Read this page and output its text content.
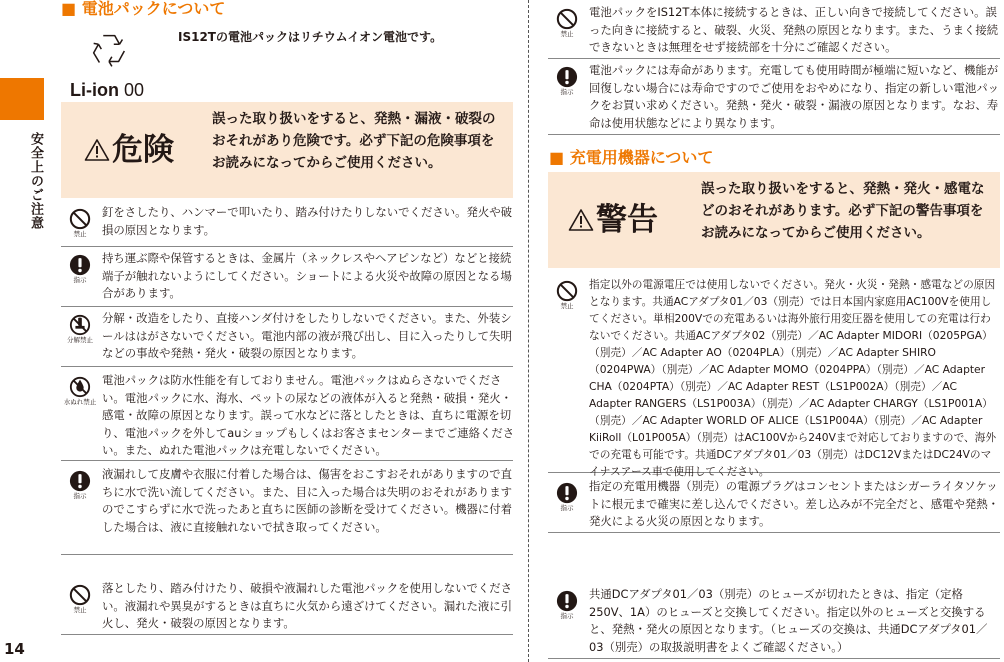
安全上のご注意
14
■ 電池パックについて
IS12Tの電池パックはリチウムイオン電池です。
Li-ion 00
危険
誤った取り扱いをすると、発熱・漏液・破裂のおそれがあり危険です。必ず下記の危険事項をお読みになってからご使用ください。
禁止
釘をさしたり、ハンマーで叩いたり、踏み付けたりしないでください。発火や破損の原因となります。
指示
持ち運ぶ際や保管するときは、金属片（ネックレスやヘアピンなど）などと接続端子が触れないようにしてください。ショートによる火災や故障の原因となる場合があります。
分解禁止
分解・改造をしたり、直接ハンダ付けをしたりしないでください。また、外装シールははがさないでください。電池内部の液が飛び出し、目に入ったりして失明などの事故や発熱・発火・破裂の原因となります。
水ぬれ禁止
電池パックは防水性能を有しておりません。電池パックはぬらさないでください。電池パックに水、海水、ペットの尿などの液体が入ると発熱・破損・発火・感電・故障の原因となります。誤って水などに落としたときは、直ちに電源を切り、電池パックを外してauショップもしくはお客さまセンターまでご連絡ください。また、ぬれた電池パックは充電しないでください。
指示
液漏れして皮膚や衣服に付着した場合は、傷害をおこすおそれがありますので直ちに水で洗い流してください。また、目に入った場合は失明のおそれがありますのでこすらずに水で洗ったあと直ちに医師の診断を受けてください。機器に付着した場合は、液に直接触れないで拭き取ってください。
禁止
落としたり、踏み付けたり、破損や液漏れした電池パックを使用しないでください。液漏れや異臭がするときは直ちに火気から遠ざけてください。漏れた液に引火し、発火・破裂の原因となります。
禁止
電池パックをIS12T本体に接続するときは、正しい向きで接続してください。誤った向きに接続すると、破裂、火災、発熱の原因となります。また、うまく接続できないときは無理をせず接続部を十分にご確認ください。
指示
電池パックには寿命があります。充電しても使用時間が極端に短いなど、機能が回復しない場合には寿命ですのでご使用をおやめになり、指定の新しい電池パックをお買い求めください。発熱・発火・破裂・漏液の原因となります。なお、寿命は使用状態などにより異なります。
■ 充電用機器について
警告
誤った取り扱いをすると、発熱・発火・感電などのおそれがあります。必ず下記の警告事項をお読みになってからご使用ください。
禁止
指定以外の電源電圧では使用しないでください。発火・火災・発熱・感電などの原因となります。共通ACアダプタ01／03（別売）では日本国内家庭用AC100Vを使用してください。単相200Vでの充電あるいは海外旅行用変圧器を使用しての充電は行わないでください。共通ACアダプタ02（別売）／AC Adapter MIDORI（0205PGA）（別売）／AC Adapter AO（0204PLA）（別売）／AC Adapter SHIRO（0204PWA）（別売）／AC Adapter MOMO（0204PPA）（別売）／AC Adapter CHA（0204PTA）（別売）／AC Adapter REST（LS1P002A）（別売）／AC Adapter RANGERS（LS1P003A）（別売）／AC Adapter CHARGY（LS1P001A）（別売）／AC Adapter WORLD OF ALICE（LS1P004A）（別売）／AC Adapter KiiRoll（L01P005A）（別売）はAC100Vから240Vまで対応しておりますので、海外での充電も可能です。共通DCアダプタ01／03（別売）はDC12VまたはDC24Vのマイナスアース車で使用してください。
指示
指定の充電用機器（別売）の電源プラグはコンセントまたはシガーライタソケットに根元まで確実に差し込んでください。差し込みが不完全だと、感電や発熱・発火による火災の原因となります。
指示
共通DCアダプタ01／03（別売）のヒューズが切れたときは、指定（定格250V、1A）のヒューズと交換してください。指定以外のヒューズと交換すると、発熱・発火の原因となります。（ヒューズの交換は、共通DCアダプタ01／03（別売）の取扱説明書をよくご確認ください。）
